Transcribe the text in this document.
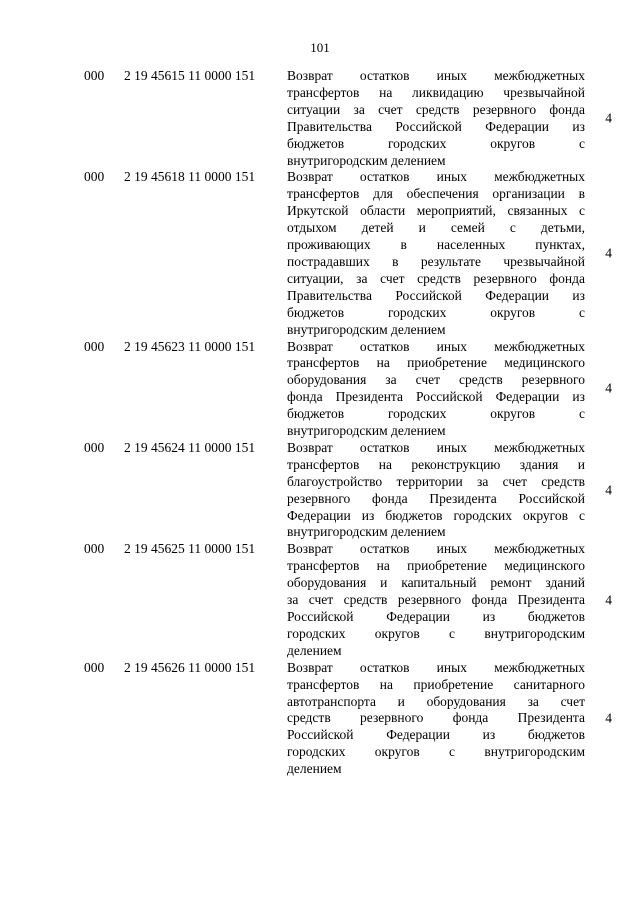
101
000 2 19 45615 11 0000 151 Возврат остатков иных межбюджетных
трансфертов на ликвидацию чрезвычайной
ситуации за счет средств резервного фонда
Правительства Российской Федерации из
бюджетов городских округов с
внутригородским делением
4
000 2 19 45618 11 0000 151 Возврат остатков иных межбюджетных
трансфертов для обеспечения организации в
Иркутской области мероприятий, связанных с
отдыхом детей и семей с детьми,
проживающих в населенных пунктах,
пострадавших в результате чрезвычайной
ситуации, за счет средств резервного фонда
Правительства Российской Федерации из
бюджетов городских округов с
внутригородским делением
4
000 2 19 45623 11 0000 151 Возврат остатков иных межбюджетных
трансфертов на приобретение медицинского
оборудования за счет средств резервного
фонда Президента Российской Федерации из
бюджетов городских округов с
внутригородским делением
4
000 2 19 45624 11 0000 151 Возврат остатков иных межбюджетных
трансфертов на реконструкцию здания и
благоустройство территории за счет средств
резервного фонда Президента Российской
Федерации из бюджетов городских округов с
внутригородским делением
4
000 2 19 45625 11 0000 151 Возврат остатков иных межбюджетных
трансфертов на приобретение медицинского
оборудования и капитальный ремонт зданий
за счет средств резервного фонда Президента
Российской Федерации из бюджетов
городских округов с внутригородским
делением
4
000 2 19 45626 11 0000 151 Возврат остатков иных межбюджетных
трансфертов на приобретение санитарного
автотранспорта и оборудования за счет
средств резервного фонда Президента
Российской Федерации из бюджетов
городских округов с внутригородским
делением
4
